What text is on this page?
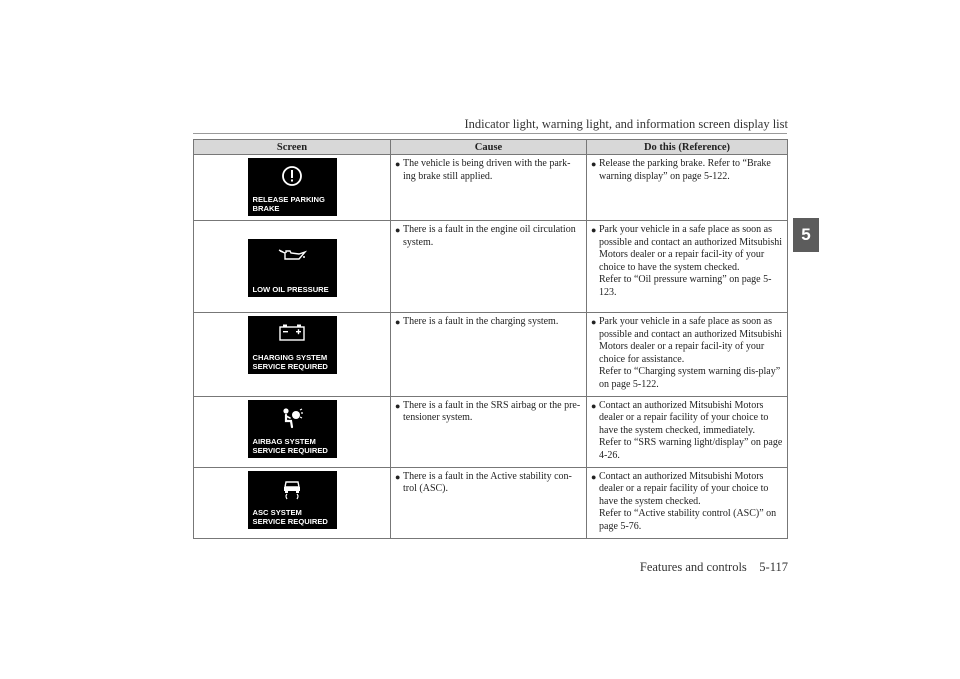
Indicator light, warning light, and information screen display list
5
Screen	Cause	Do this (Reference)

RELEASE PARKING
BRAKE	● The vehicle is being driven with the park-ing brake still applied.	● Release the parking brake. Refer to “Brake warning display” on page 5-122.

LOW OIL PRESSURE	● There is a fault in the engine oil circulation system.	● Park your vehicle in a safe place as soon as possible and contact an authorized Mitsubishi Motors dealer or a repair facil-ity of your choice to have the system checked.
Refer to “Oil pressure warning” on page 5-123.

CHARGING SYSTEM
SERVICE REQUIRED	● There is a fault in the charging system.	● Park your vehicle in a safe place as soon as possible and contact an authorized Mitsubishi Motors dealer or a repair facil-ity of your choice for assistance.
Refer to “Charging system warning dis-play” on page 5-122.

AIRBAG SYSTEM
SERVICE REQUIRED	● There is a fault in the SRS airbag or the pre-tensioner system.	● Contact an authorized Mitsubishi Motors dealer or a repair facility of your choice to have the system checked, immediately.
Refer to “SRS warning light/display” on page 4-26.

ASC SYSTEM
SERVICE REQUIRED	● There is a fault in the Active stability con-trol (ASC).	● Contact an authorized Mitsubishi Motors dealer or a repair facility of your choice to have the system checked.
Refer to “Active stability control (ASC)” on page 5-76.
Features and controls 5-117
